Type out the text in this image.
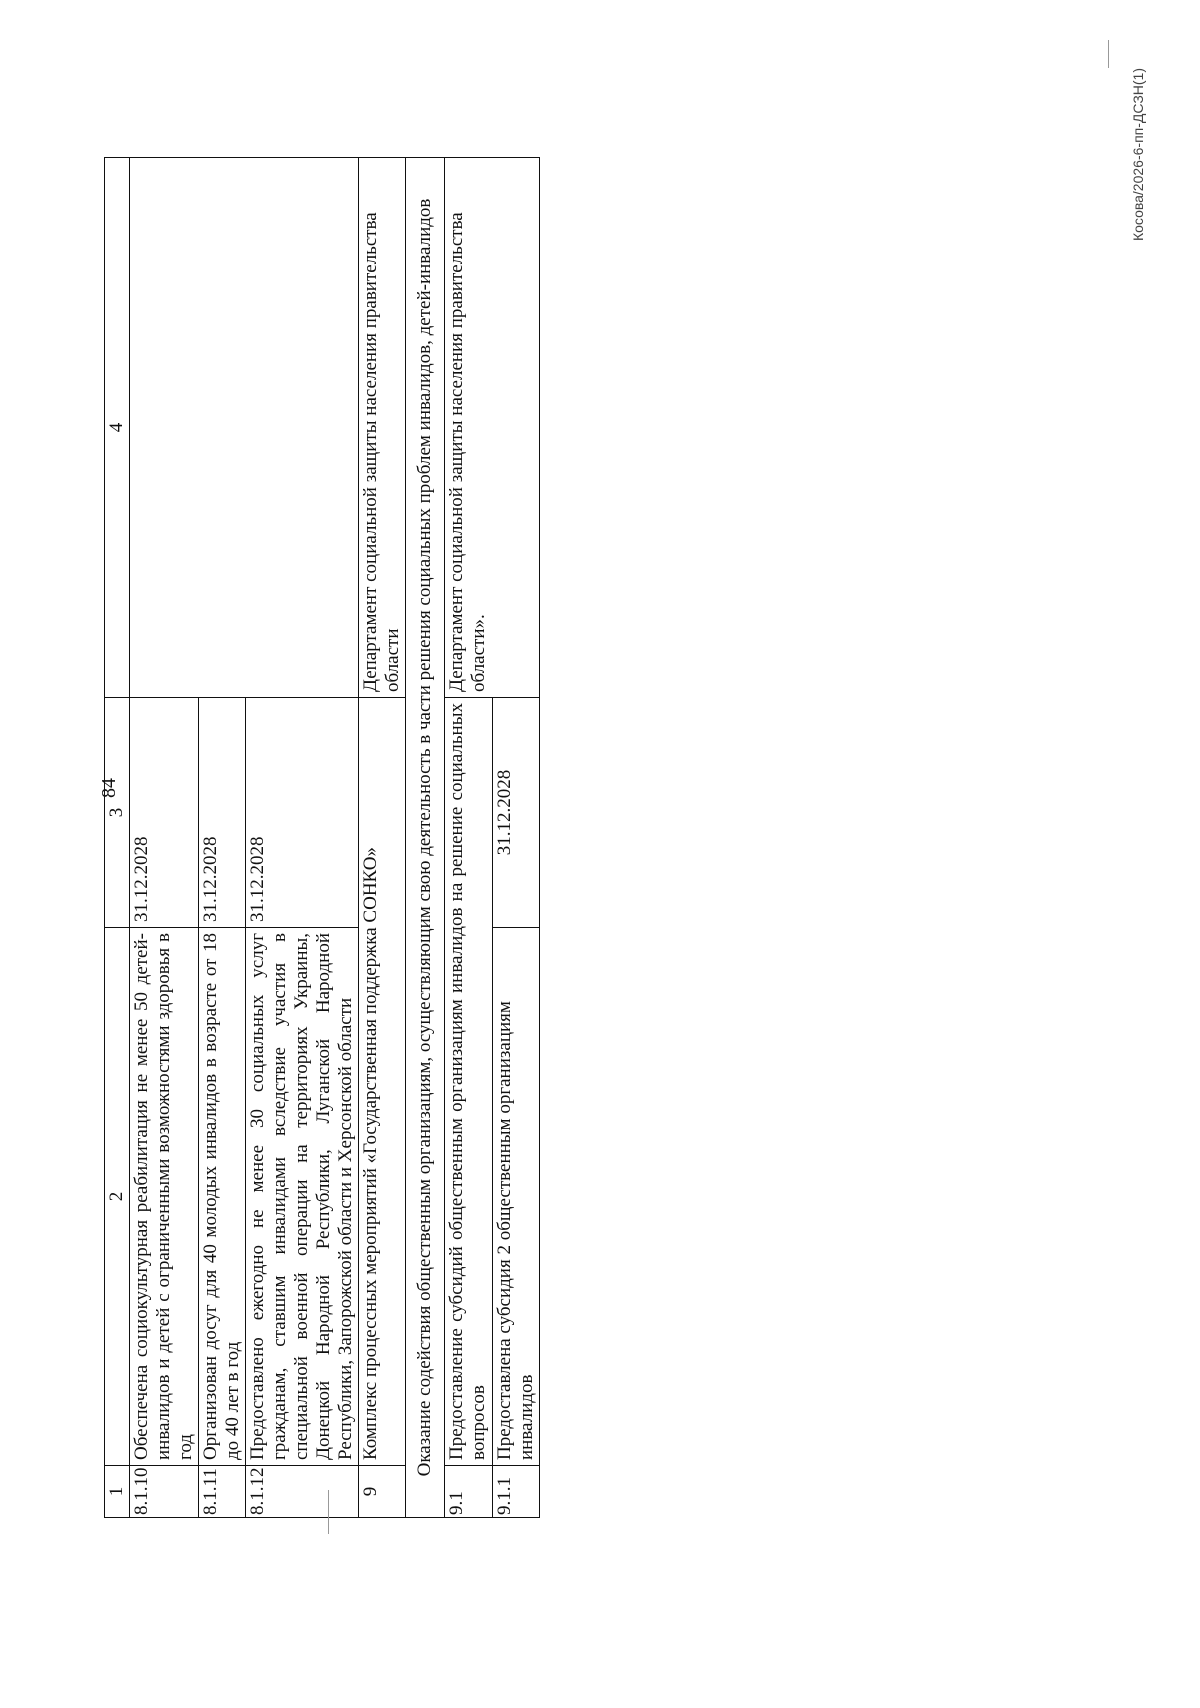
84
1	2	3	4
8.1.10	Обеспечена социокультурная реабилитация не менее 50 детей-инвалидов и детей с ограниченными возможностями здоровья в год	31.12.2028	
8.1.11	Организован досуг для 40 молодых инвалидов в возрасте от 18 до 40 лет в год	31.12.2028	
8.1.12	Предоставлено ежегодно не менее 30 социальных услуг гражданам, ставшим инвалидами вследствие участия в специальной военной операции на территориях Украины, Донецкой Народной Республики, Луганской Народной Республики, Запорожской области и Херсонской области	31.12.2028	
9	Комплекс процессных мероприятий «Государственная поддержка СОНКО»		Департамент социальной защиты населения правительства области
Оказание содействия общественным организациям, осуществляющим свою деятельность в части решения социальных проблем инвалидов, детей-инвалидов			
9.1	Предоставление субсидий общественным организациям инвалидов на решение социальных вопросов		Департамент социальной защиты населения правительства области».
9.1.1	Предоставлена субсидия 2 общественным организациям инвалидов	31.12.2028	
Косова/2026-6-пп-ДСЗН(1)
